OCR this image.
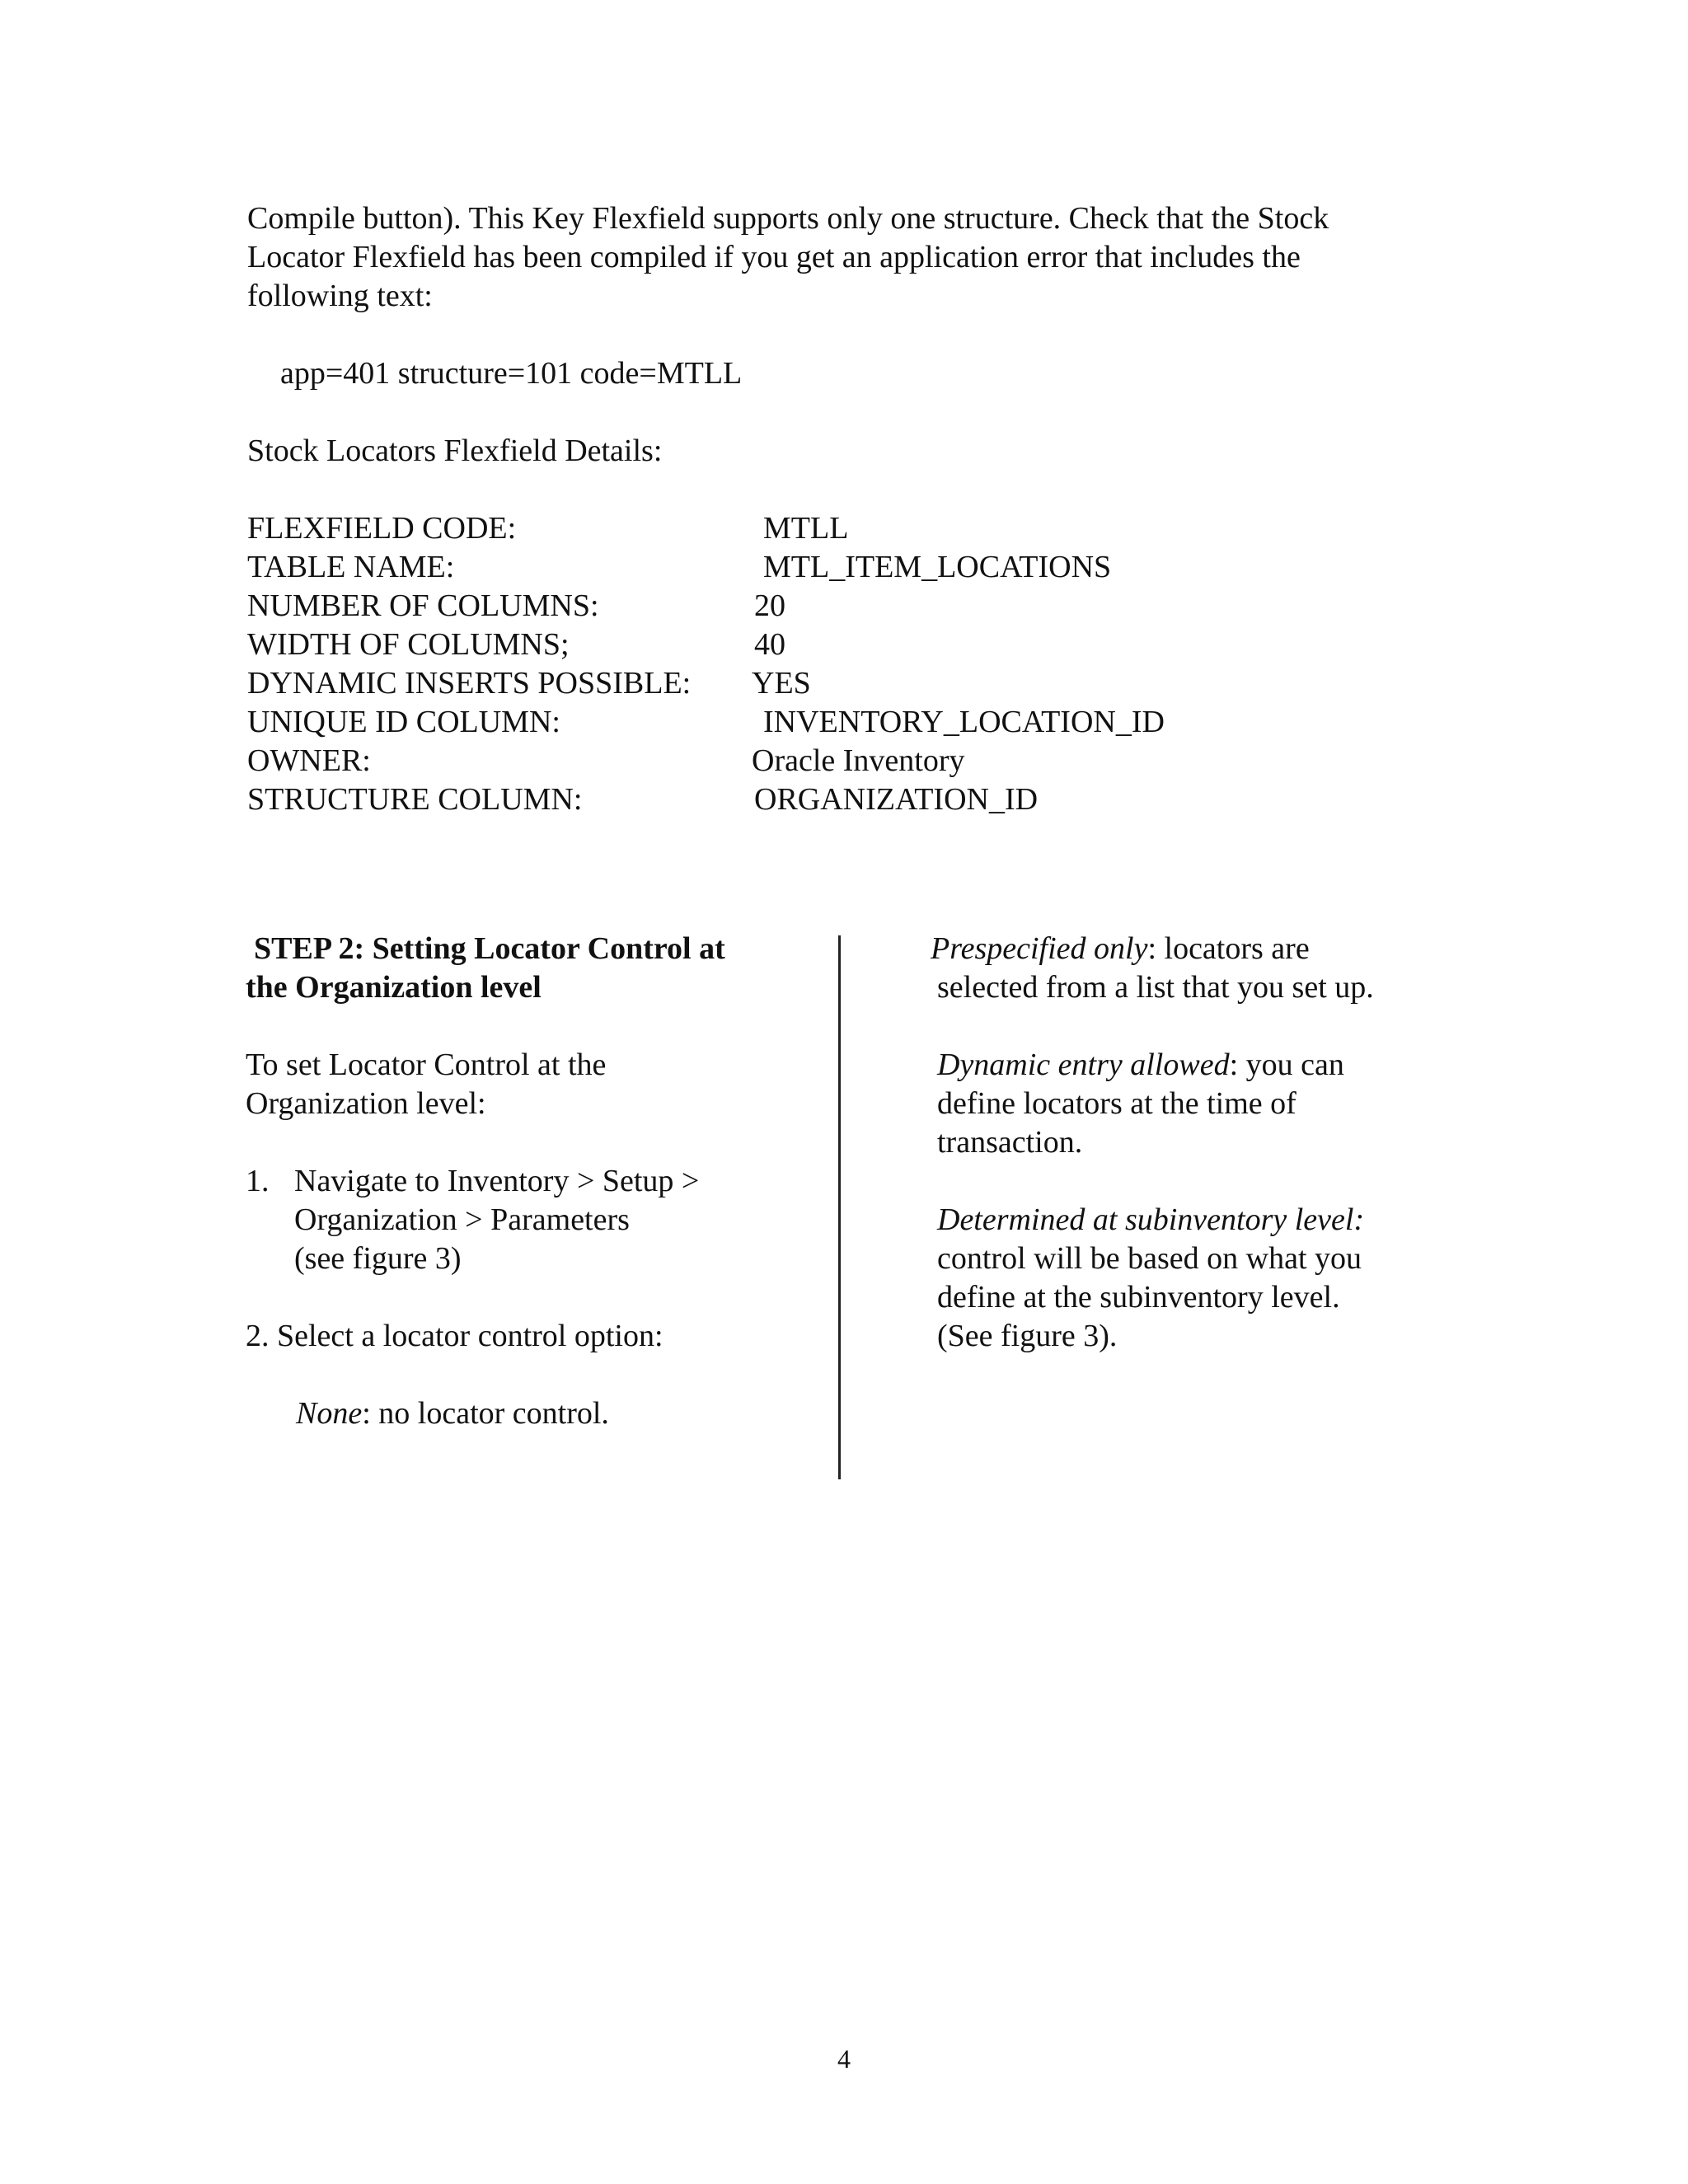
Compile button). This Key Flexfield supports only one structure. Check that the Stock
Locator Flexfield has been compiled if you get an application error that includes the
following text:
app=401 structure=101 code=MTLL
Stock Locators Flexfield Details:
FLEXFIELD CODE:	MTLL
TABLE NAME:	MTL_ITEM_LOCATIONS
NUMBER OF COLUMNS:	20
WIDTH OF COLUMNS;	40
DYNAMIC INSERTS POSSIBLE: YES
UNIQUE ID COLUMN:	INVENTORY_LOCATION_ID
OWNER:	Oracle Inventory
STRUCTURE COLUMN:	ORGANIZATION_ID
STEP 2: Setting Locator Control at
the Organization level
To set Locator Control at the
Organization level:
1. Navigate to Inventory > Setup >
Organization > Parameters
(see figure 3)
2. Select a locator control option:
None: no locator control.
Prespecified only: locators are
selected from a list that you set up.
Dynamic entry allowed: you can
define locators at the time of
transaction.
Determined at subinventory level:
control will be based on what you
define at the subinventory level.
(See figure 3).
4
